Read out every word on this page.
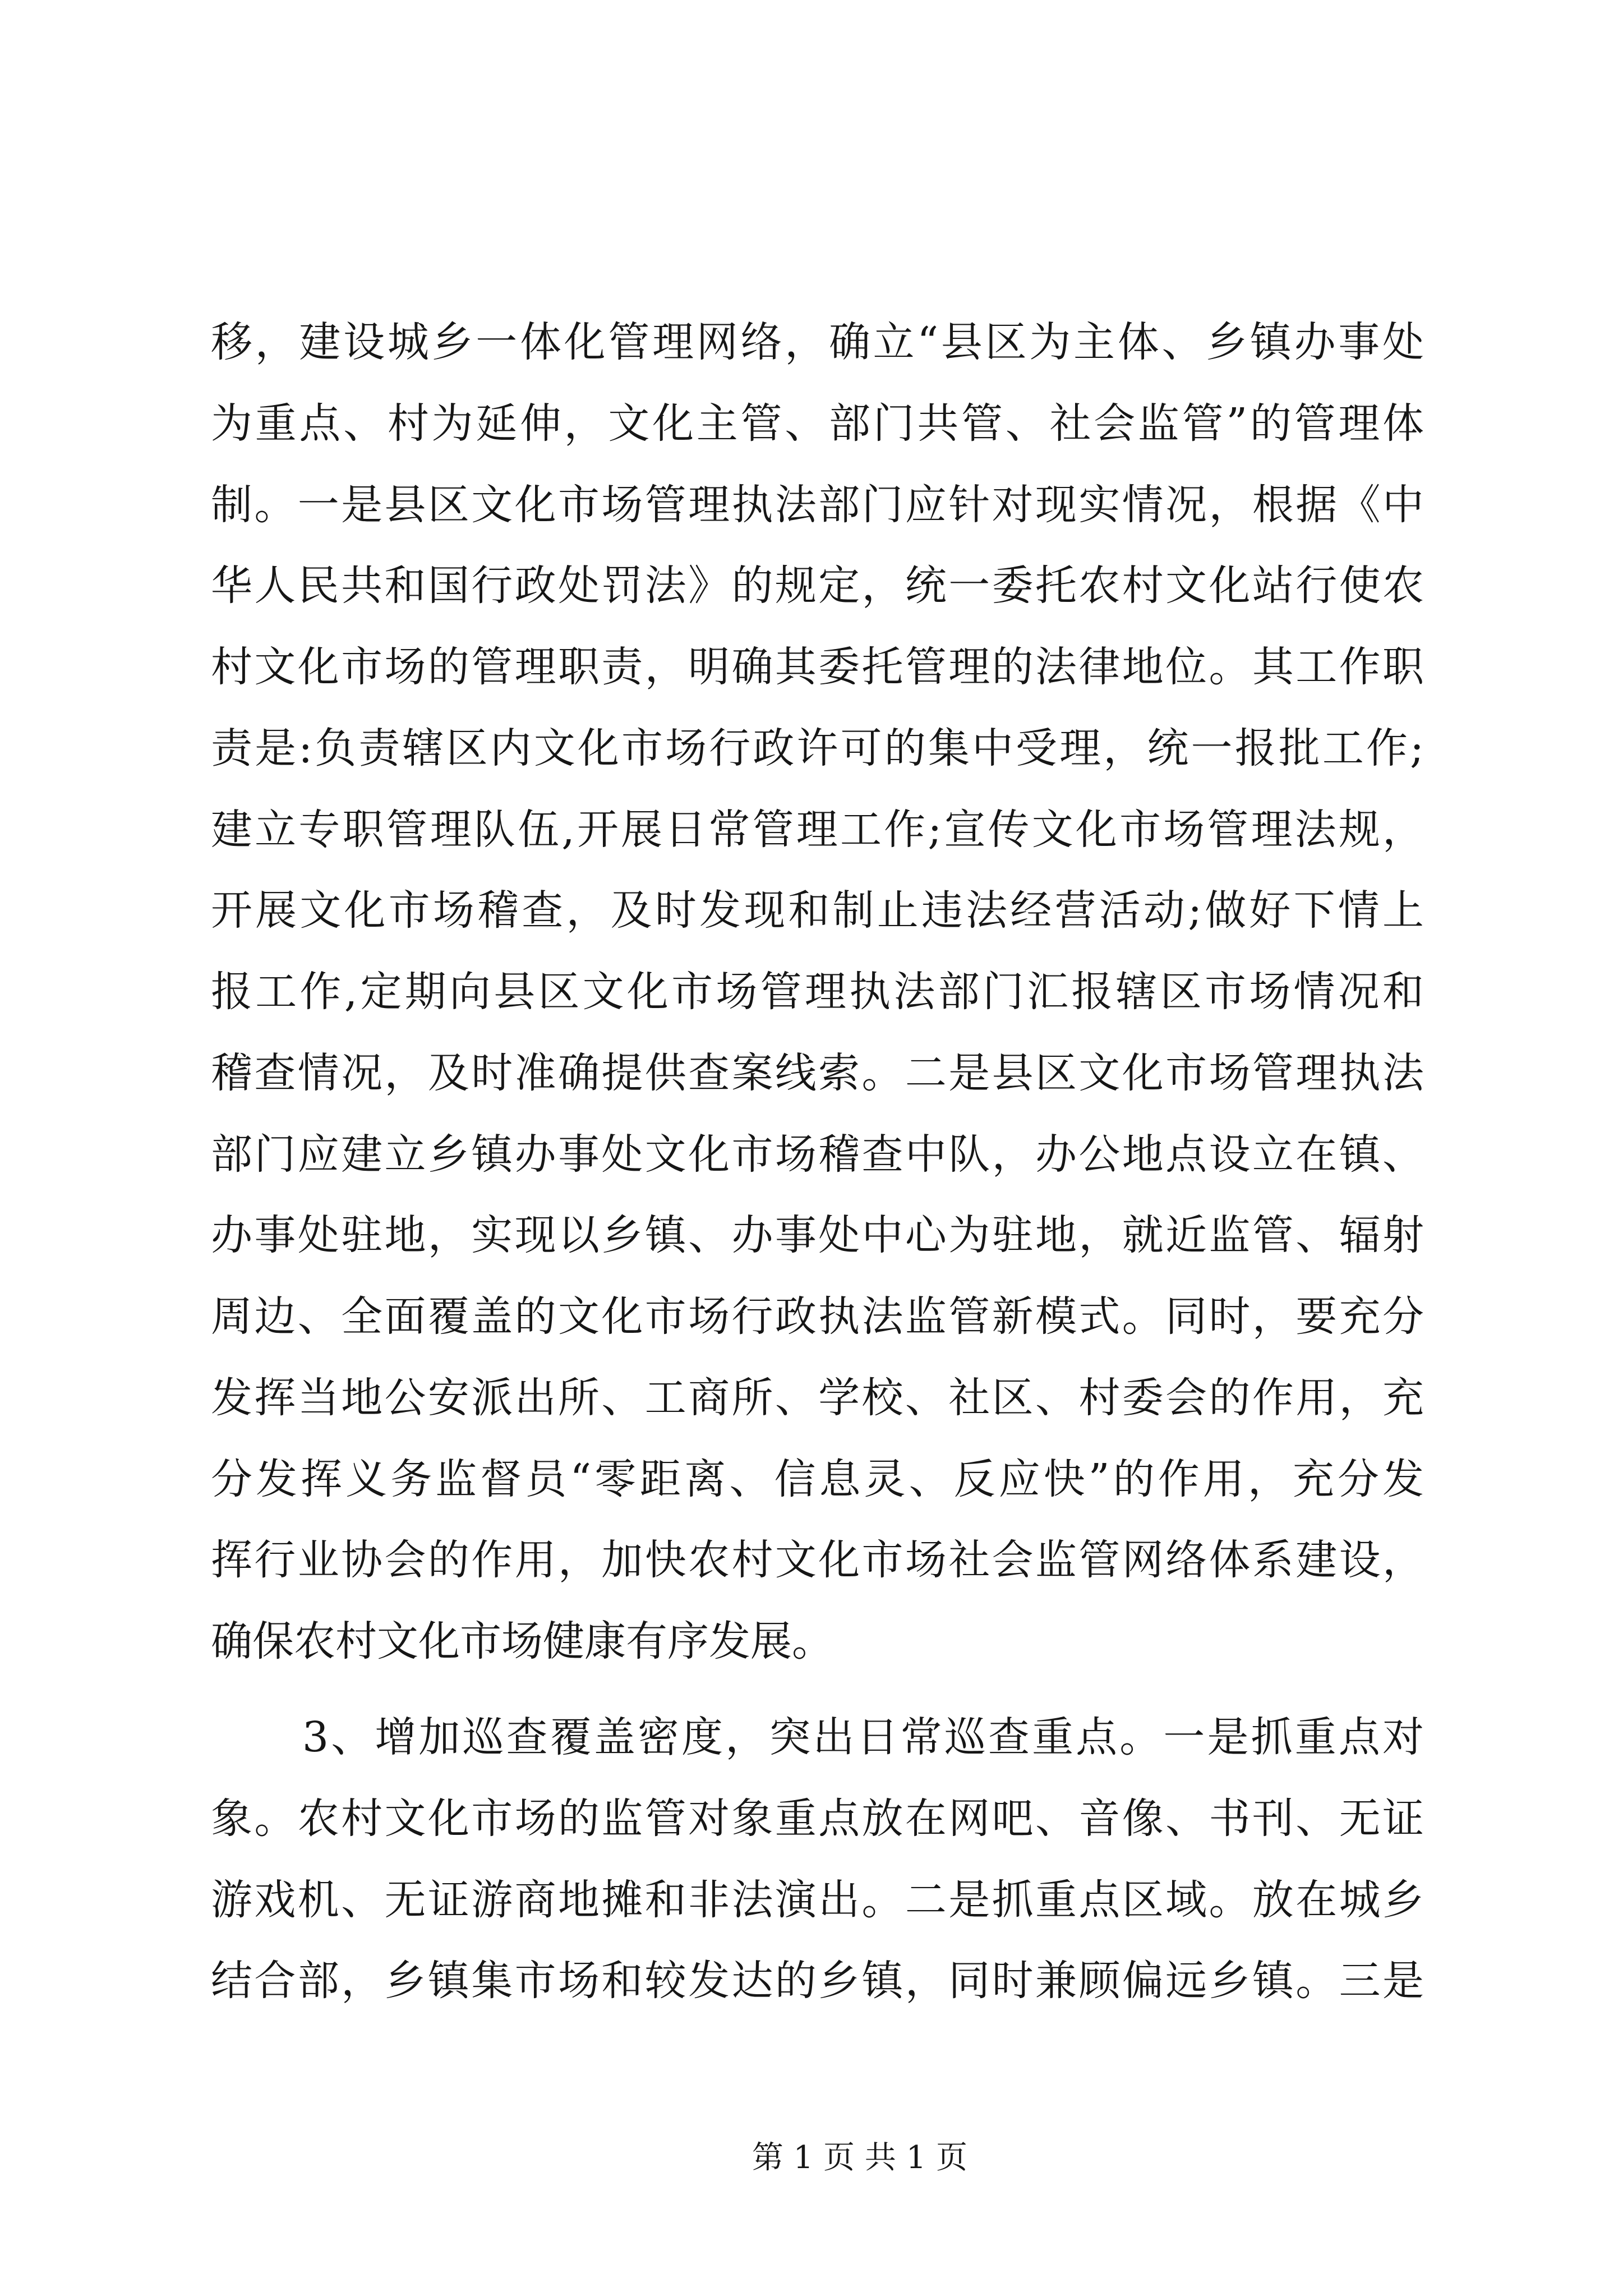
移，建设城乡一体化管理网络，确立“县区为主体、乡镇办事处
为重点、村为延伸，文化主管、部门共管、社会监管”的管理体
制。一是县区文化市场管理执法部门应针对现实情况，根据《中
华人民共和国行政处罚法》的规定，统一委托农村文化站行使农
村文化市场的管理职责，明确其委托管理的法律地位。其工作职
责是:负责辖区内文化市场行政许可的集中受理，统一报批工作;
建立专职管理队伍,开展日常管理工作;宣传文化市场管理法规，
开展文化市场稽查，及时发现和制止违法经营活动;做好下情上
报工作,定期向县区文化市场管理执法部门汇报辖区市场情况和
稽查情况，及时准确提供查案线索。二是县区文化市场管理执法
部门应建立乡镇办事处文化市场稽查中队，办公地点设立在镇、
办事处驻地，实现以乡镇、办事处中心为驻地，就近监管、辐射
周边、全面覆盖的文化市场行政执法监管新模式。同时，要充分
发挥当地公安派出所、工商所、学校、社区、村委会的作用，充
分发挥义务监督员“零距离、信息灵、反应快”的作用，充分发
挥行业协会的作用，加快农村文化市场社会监管网络体系建设，
确保农村文化市场健康有序发展。
3、增加巡查覆盖密度，突出日常巡查重点。一是抓重点对
象。农村文化市场的监管对象重点放在网吧、音像、书刊、无证
游戏机、无证游商地摊和非法演出。二是抓重点区域。放在城乡
结合部，乡镇集市场和较发达的乡镇，同时兼顾偏远乡镇。三是
第 1 页 共 1 页
